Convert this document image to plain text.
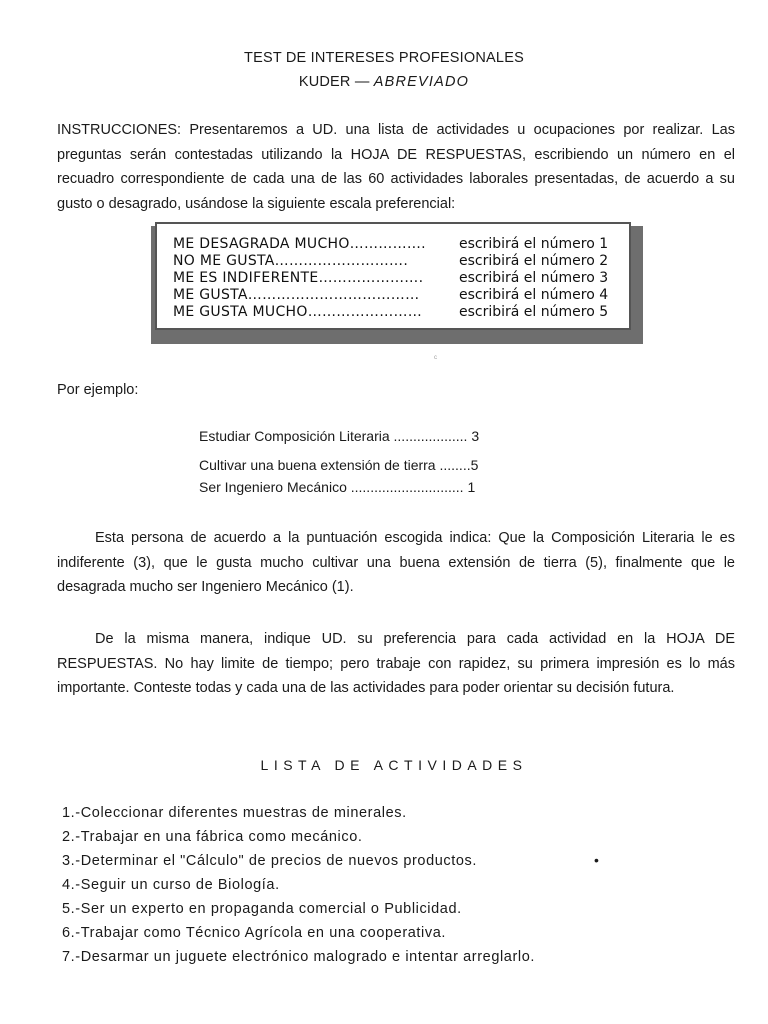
TEST DE INTERESES PROFESIONALES
KUDER — ABREVIADO
INSTRUCCIONES: Presentaremos a UD. una lista de actividades u ocupaciones por realizar. Las preguntas serán contestadas utilizando la HOJA DE RESPUESTAS, escribiendo un número en el recuadro correspondiente de cada una de las 60 actividades laborales presentadas, de acuerdo a su gusto o desagrado, usándose la siguiente escala preferencial:
ME DESAGRADA MUCHO……………. escribirá el número 1
NO ME GUSTA……………………….	escribirá el número 2
ME ES INDIFERENTE………………….	escribirá el número 3
ME GUSTA………………………………	escribirá el número 4
ME GUSTA MUCHO……………………	escribirá el número 5
c
Por ejemplo:
Estudiar Composición Literaria ................... 3
Cultivar una buena extensión de tierra ........5
Ser Ingeniero Mecánico ............................. 1
Esta persona de acuerdo a la puntuación escogida indica: Que la Composición Literaria le es indiferente (3), que le gusta mucho cultivar una buena extensión de tierra (5), finalmente que le desagrada mucho ser Ingeniero Mecánico (1).
De la misma manera, indique UD. su preferencia para cada actividad en la HOJA DE RESPUESTAS. No hay limite de tiempo; pero trabaje con rapidez, su primera impresión es lo más importante. Conteste todas y cada una de las actividades para poder orientar su decisión futura.
LISTA DE ACTIVIDADES
1.-Coleccionar diferentes muestras de minerales.
2.-Trabajar en una fábrica como mecánico.
3.-Determinar el "Cálculo" de precios de nuevos productos.
4.-Seguir un curso de Biología.
5.-Ser un experto en propaganda comercial o Publicidad.
6.-Trabajar como Técnico Agrícola en una cooperativa.
7.-Desarmar un juguete electrónico malogrado e intentar arreglarlo.
•
